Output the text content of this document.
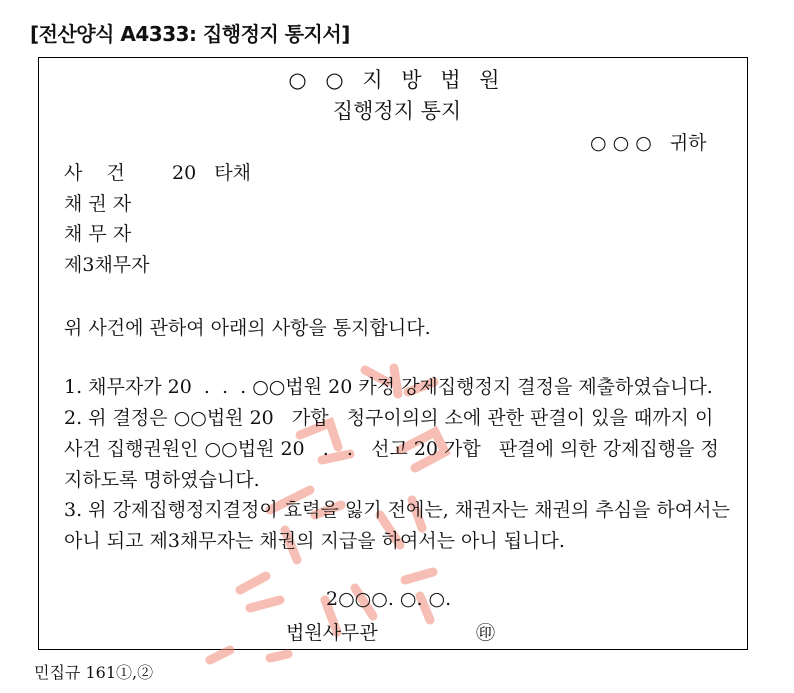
[전산양식 A4333: 집행정지 통지서]
○ ○ 지 방 법 원
집행정지 통지
○ ○ ○ 귀하
사    건 20   타채
채 권 자
채 무 자
제3채무자
위 사건에 관하여 아래의 사항을 통지합니다.
1. 채무자가 20  .  .  . ○○법원 20 카정 강제집행정지 결정을 제출하였습니다.
2. 위 결정은 ○○법원 20   가합   청구이의의 소에 관한 판결이 있을 때까지 이
사건 집행권원인 ○○법원 20   .   .   선고 20 가합   판결에 의한 강제집행을 정
지하도록 명하였습니다.
3. 위 강제집행정지결정이 효력을 잃기 전에는, 채권자는 채권의 추심을 하여서는
아니 되고 제3채무자는 채권의 지급을 하여서는 아니 됩니다.
2○○○. ○. ○.
법원사무관	㊞
민집규 161①,②
